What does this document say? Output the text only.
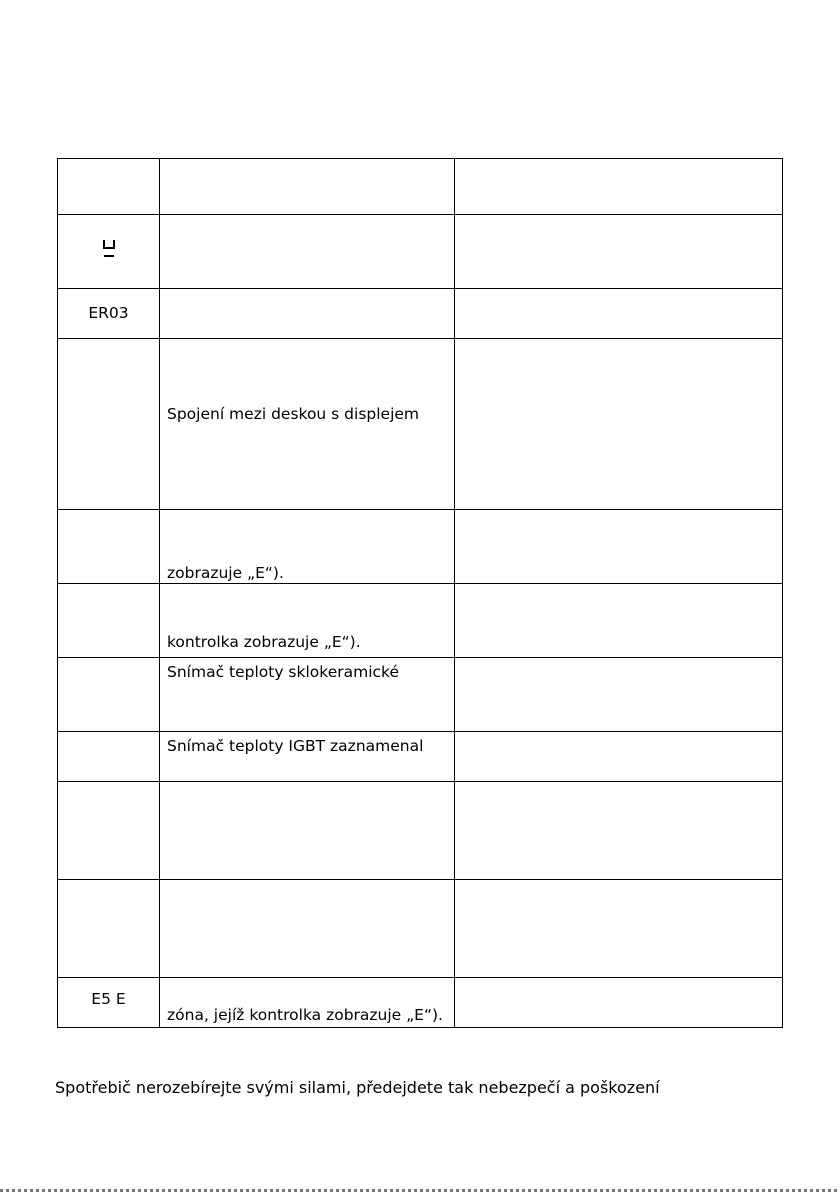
ER03		

	Spojení mezi deskou s displejem	

	zobrazuje „E“).	

	kontrolka zobrazuje „E“).	

	Snímač teploty sklokeramické	

	Snímač teploty IGBT zaznamenal	

E5 E	zóna, jejíž kontrolka zobrazuje „E“).	

Spotřebič nerozebírejte svými silami, předejdete tak nebezpečí a poškození
